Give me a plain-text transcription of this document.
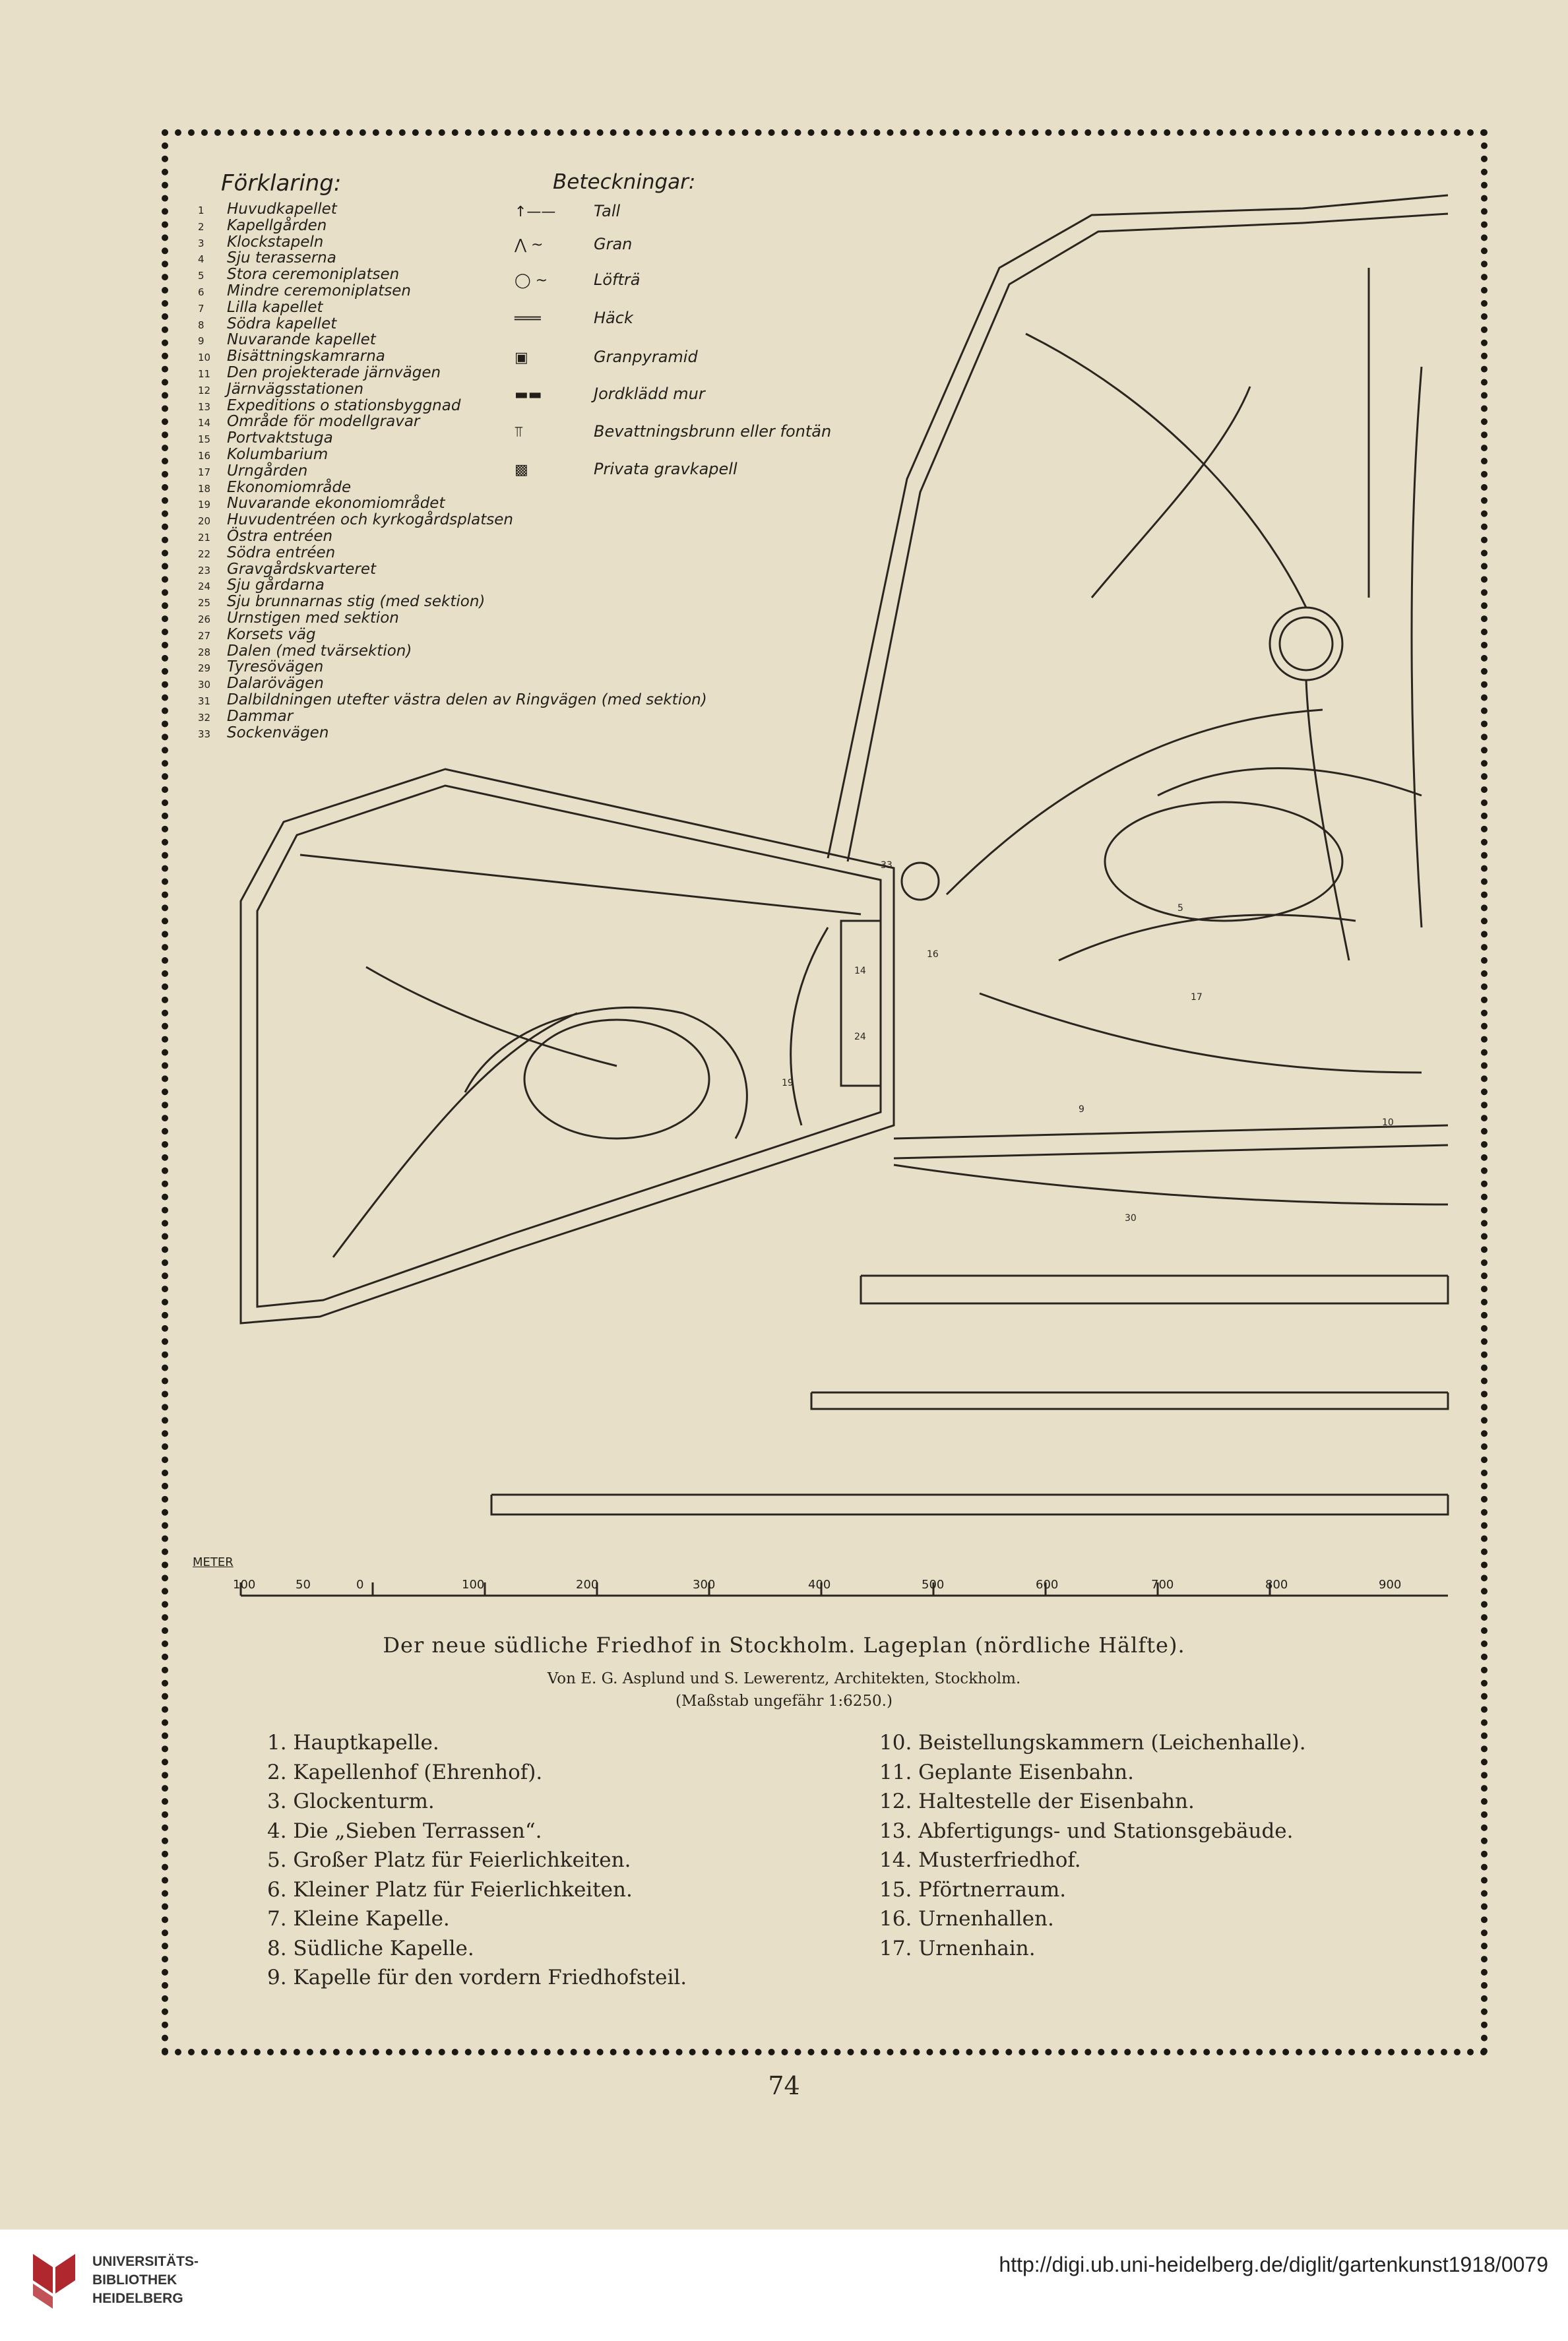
33
16
14
24
19
9
10
30
5
17
Förklaring:
1 Huvudkapellet
2 Kapellgården
3 Klockstapeln
4 Sju terasserna
5 Stora ceremoniplatsen
6 Mindre ceremoniplatsen
7 Lilla kapellet
8 Södra kapellet
9 Nuvarande kapellet
10 Bisättningskamrarna
11 Den projekterade järnvägen
12 Järnvägsstationen
13 Expeditions o stationsbyggnad
14 Område för modellgravar
15 Portvaktstuga
16 Kolumbarium
17 Urngården
18 Ekonomiområde
19 Nuvarande ekonomiområdet
20 Huvudentréen och kyrkogårdsplatsen
21 Östra entréen
22 Södra entréen
23 Gravgårdskvarteret
24 Sju gårdarna
25 Sju brunnarnas stig (med sektion)
26 Urnstigen med sektion
27 Korsets väg
28 Dalen (med tvärsektion)
29 Tyresövägen
30 Dalarövägen
31 Dalbildningen utefter västra delen av Ringvägen (med sektion)
32 Dammar
33 Sockenvägen
Beteckningar:
↑—— Tall
⋀ ~	Gran
◯ ~	Löfträ
═══	Häck
▣	Granpyramid
▬▬	Jordklädd mur
⫪	Bevattningsbrunn eller fontän
▩	Privata gravkapell
METER
100	50	0	100	200	300	400	500	600	700	800	900
Der neue südliche Friedhof in Stockholm. Lageplan (nördliche Hälfte).
Von E. G. Asplund und S. Lewerentz, Architekten, Stockholm.
(Maßstab ungefähr 1:6250.)
1. Hauptkapelle.
2. Kapellenhof (Ehrenhof).
3. Glockenturm.
4. Die „Sieben Terrassen“.
5. Großer Platz für Feierlichkeiten.
6. Kleiner Platz für Feierlichkeiten.
7. Kleine Kapelle.
8. Südliche Kapelle.
9. Kapelle für den vordern Friedhofsteil.
10. Beistellungskammern (Leichenhalle).
11. Geplante Eisenbahn.
12. Haltestelle der Eisenbahn.
13. Abfertigungs- und Stationsgebäude.
14. Musterfriedhof.
15. Pförtnerraum.
16. Urnenhallen.
17. Urnenhain.
74
UNIVERSITÄTS-
BIBLIOTHEK
HEIDELBERG
http://digi.ub.uni-heidelberg.de/diglit/gartenkunst1918/0079
